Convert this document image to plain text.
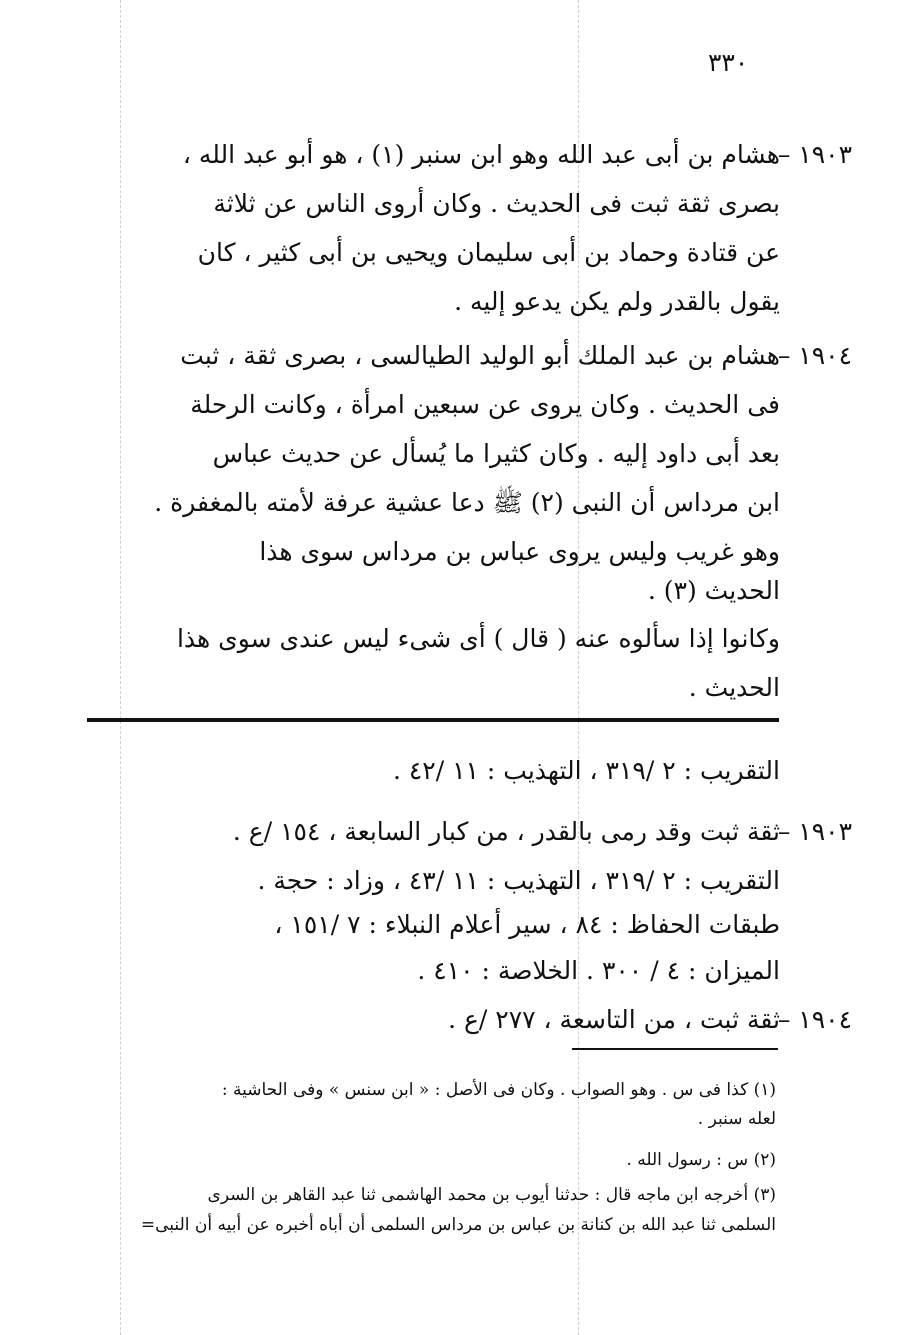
٣٣٠
١٩٠٣ –
هشام بن أبى عبد الله وهو ابن سنبر (١) ، هو أبو عبد الله ،
بصرى ثقة ثبت فى الحديث . وكان أروى الناس عن ثلاثة
عن قتادة وحماد بن أبى سليمان ويحيى بن أبى كثير ، كان
يقول بالقدر ولم يكن يدعو إليه .
١٩٠٤ –
هشام بن عبد الملك أبو الوليد الطيالسى ، بصرى ثقة ، ثبت
فى الحديث . وكان يروى عن سبعين امرأة ، وكانت الرحلة
بعد أبى داود إليه . وكان كثيرا ما يُسأل عن حديث عباس
ابن مرداس أن النبى (٢) ﷺ دعا عشية عرفة لأمته بالمغفرة .
وهو غريب وليس يروى عباس بن مرداس سوى هذا
الحديث (٣) .
وكانوا إذا سألوه عنه ( قال ) أى شىء ليس عندى سوى هذا
الحديث .
التقريب : ٢ /٣١٩ ، التهذيب : ١١ /٤٢ .
١٩٠٣ –
ثقة ثبت وقد رمى بالقدر ، من كبار السابعة ، ١٥٤ /ع .
التقريب : ٢ /٣١٩ ، التهذيب : ١١ /٤٣ ، وزاد : حجة .
طبقات الحفاظ : ٨٤ ، سير أعلام النبلاء : ٧ /١٥١ ،
الميزان : ٤ / ٣٠٠ . الخلاصة : ٤١٠ .
١٩٠٤ –
ثقة ثبت ، من التاسعة ، ٢٧٧ /ع .
(١) كذا فى س . وهو الصواب . وكان فى الأصل : « ابن سنس » وفى الحاشية :
لعله سنبر .
(٢) س : رسول الله .
(٣) أخرجه ابن ماجه قال : حدثنا أيوب بن محمد الهاشمى ثنا عبد القاهر بن السرى
السلمى ثنا عبد الله بن كنانة بن عباس بن مرداس السلمى أن أباه أخبره عن أبيه أن النبى=
